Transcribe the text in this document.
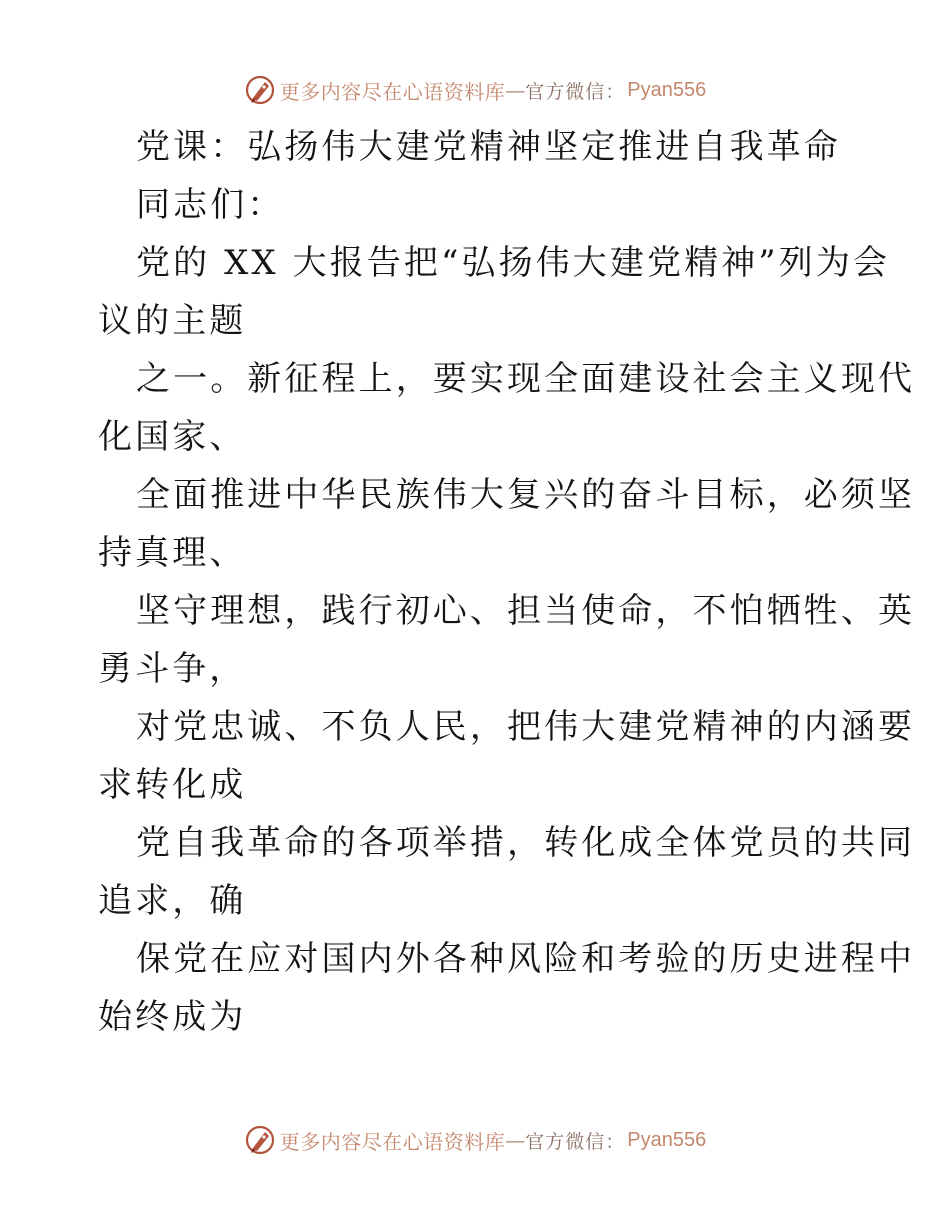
更多内容尽在心语资料库 — 官方微信： Pyan556
党课：弘扬伟大建党精神坚定推进自我革命
同志们：
党的 XX 大报告把“弘扬伟大建党精神”列为会
议的主题
之一。新征程上，要实现全面建设社会主义现代
化国家、
全面推进中华民族伟大复兴的奋斗目标，必须坚
持真理、
坚守理想，践行初心、担当使命，不怕牺牲、英
勇斗争，
对党忠诚、不负人民，把伟大建党精神的内涵要
求转化成
党自我革命的各项举措，转化成全体党员的共同
追求，确
保党在应对国内外各种风险和考验的历史进程中
始终成为
更多内容尽在心语资料库 — 官方微信： Pyan556
